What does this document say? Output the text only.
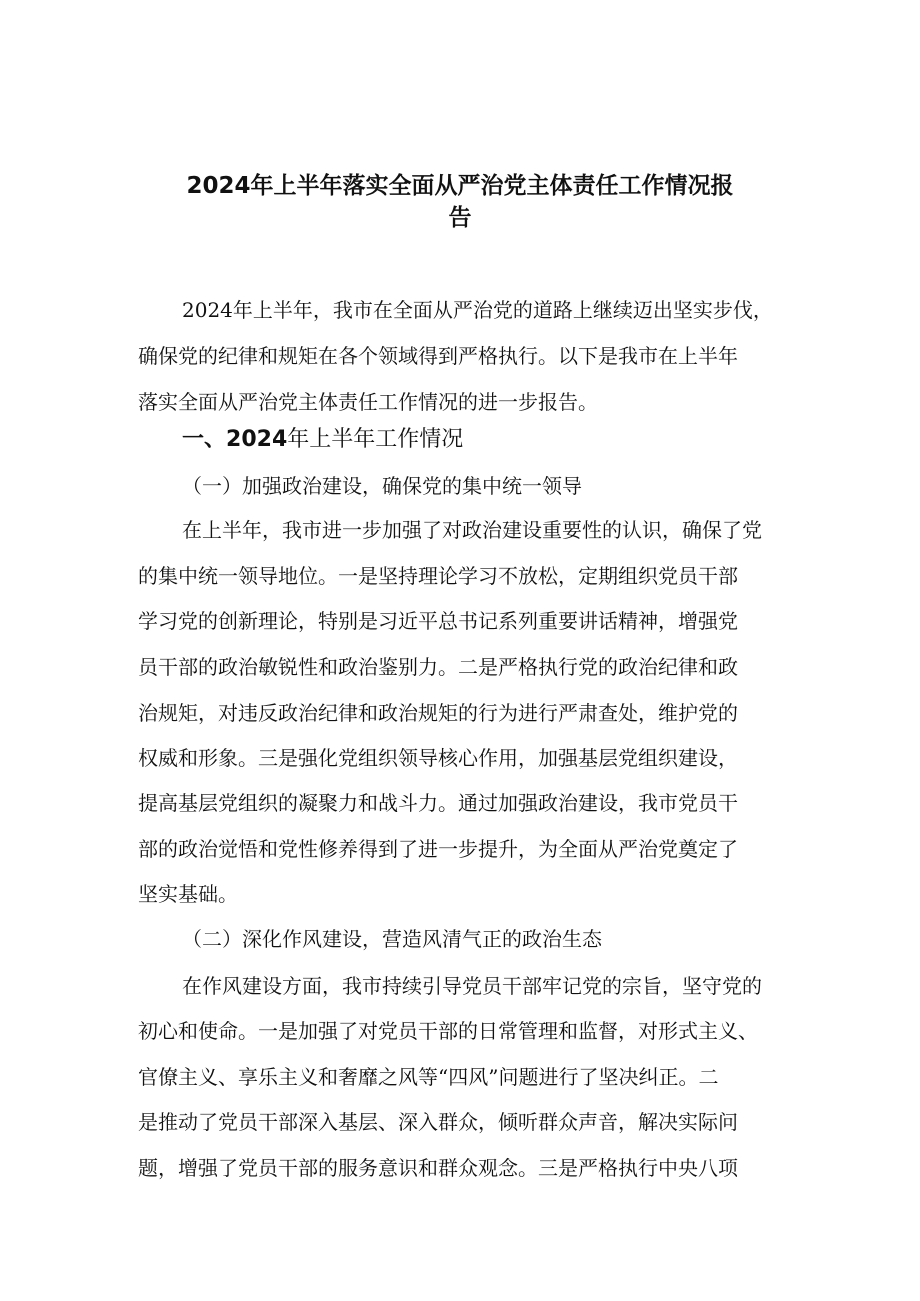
2024年上半年落实全面从严治党主体责任工作情况报
告

2024年上半年，我市在全面从严治党的道路上继续迈出坚实步伐，

确保党的纪律和规矩在各个领域得到严格执行。以下是我市在上半年

落实全面从严治党主体责任工作情况的进一步报告。

一、2024年上半年工作情况

（一）加强政治建设，确保党的集中统一领导

在上半年，我市进一步加强了对政治建设重要性的认识，确保了党

的集中统一领导地位。一是坚持理论学习不放松，定期组织党员干部

学习党的创新理论，特别是习近平总书记系列重要讲话精神，增强党

员干部的政治敏锐性和政治鉴别力。二是严格执行党的政治纪律和政

治规矩，对违反政治纪律和政治规矩的行为进行严肃查处，维护党的

权威和形象。三是强化党组织领导核心作用，加强基层党组织建设，

提高基层党组织的凝聚力和战斗力。通过加强政治建设，我市党员干

部的政治觉悟和党性修养得到了进一步提升，为全面从严治党奠定了

坚实基础。

（二）深化作风建设，营造风清气正的政治生态

在作风建设方面，我市持续引导党员干部牢记党的宗旨，坚守党的

初心和使命。一是加强了对党员干部的日常管理和监督，对形式主义、

官僚主义、享乐主义和奢靡之风等“四风”问题进行了坚决纠正。二

是推动了党员干部深入基层、深入群众，倾听群众声音，解决实际问

题，增强了党员干部的服务意识和群众观念。三是严格执行中央八项
